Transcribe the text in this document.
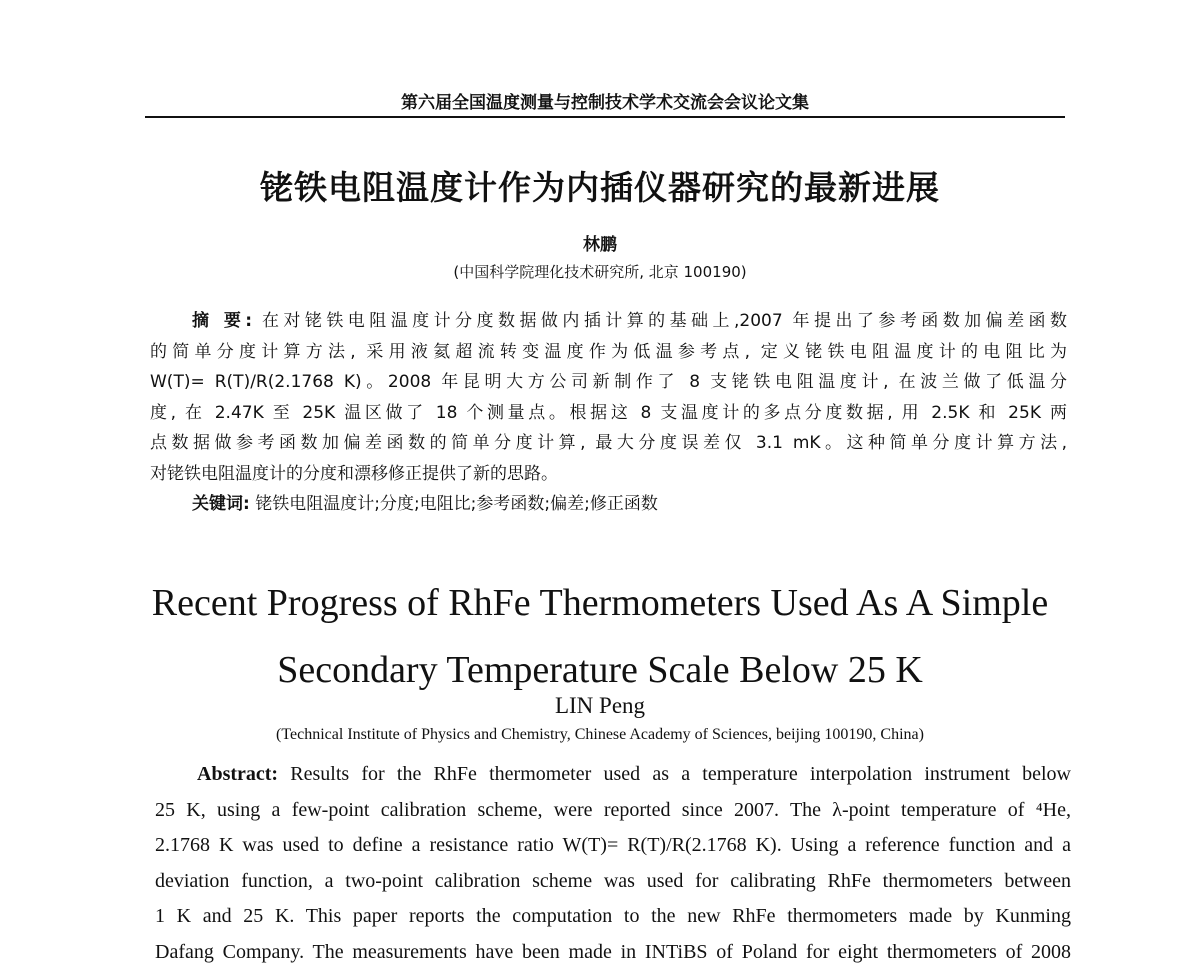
第六届全国温度测量与控制技术学术交流会会议论文集
铑铁电阻温度计作为内插仪器研究的最新进展
林鹏
(中国科学院理化技术研究所, 北京 100190)
摘 要: 在对铑铁电阻温度计分度数据做内插计算的基础上,2007 年提出了参考函数加偏差函数
的简单分度计算方法, 采用液氦超流转变温度作为低温参考点, 定义铑铁电阻温度计的电阻比为
W(T)= R(T)/R(2.1768 K)。2008 年昆明大方公司新制作了 8 支铑铁电阻温度计, 在波兰做了低温分
度, 在 2.47K 至 25K 温区做了 18 个测量点。根据这 8 支温度计的多点分度数据, 用 2.5K 和 25K 两
点数据做参考函数加偏差函数的简单分度计算, 最大分度误差仅 3.1 mK。这种简单分度计算方法,
对铑铁电阻温度计的分度和漂移修正提供了新的思路。
关键词: 铑铁电阻温度计;分度;电阻比;参考函数;偏差;修正函数
Recent Progress of RhFe Thermometers Used As A Simple
Secondary Temperature Scale Below 25 K
LIN Peng
(Technical Institute of Physics and Chemistry, Chinese Academy of Sciences, beijing 100190, China)
Abstract: Results for the RhFe thermometer used as a temperature interpolation instrument below
25 K, using a few-point calibration scheme, were reported since 2007. The λ-point temperature of ⁴He,
2.1768 K was used to define a resistance ratio W(T)= R(T)/R(2.1768 K). Using a reference function and a
deviation function, a two-point calibration scheme was used for calibrating RhFe thermometers between
1 K and 25 K. This paper reports the computation to the new RhFe thermometers made by Kunming
Dafang Company. The measurements have been made in INTiBS of Poland for eight thermometers of 2008
